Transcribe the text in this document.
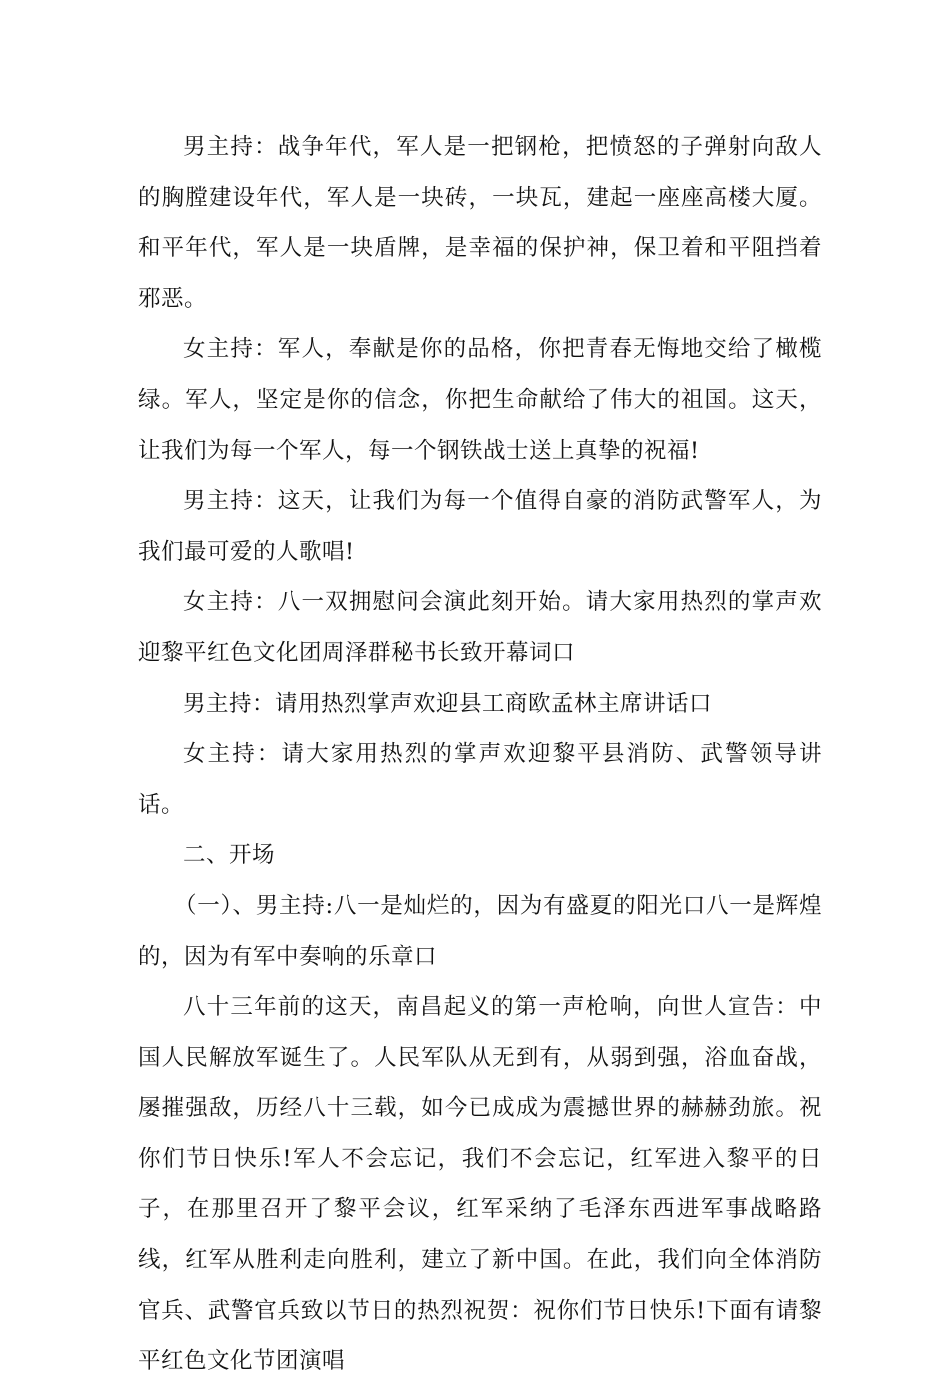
男主持：战争年代，军人是一把钢枪，把愤怒的子弹射向敌人的胸膛建设年代，军人是一块砖，一块瓦，建起一座座高楼大厦。和平年代，军人是一块盾牌，是幸福的保护神，保卫着和平阻挡着邪恶。

女主持：军人，奉献是你的品格，你把青春无悔地交给了橄榄绿。军人，坚定是你的信念，你把生命献给了伟大的祖国。这天，让我们为每一个军人，每一个钢铁战士送上真挚的祝福!

男主持：这天，让我们为每一个值得自豪的消防武警军人，为我们最可爱的人歌唱!

女主持：八一双拥慰问会演此刻开始。请大家用热烈的掌声欢迎黎平红色文化团周泽群秘书长致开幕词口

男主持：请用热烈掌声欢迎县工商欧孟林主席讲话口

女主持：请大家用热烈的掌声欢迎黎平县消防、武警领导讲话。

二、开场

（一）、男主持:八一是灿烂的，因为有盛夏的阳光口八一是辉煌的，因为有军中奏响的乐章口

八十三年前的这天，南昌起义的第一声枪响，向世人宣告：中国人民解放军诞生了。人民军队从无到有，从弱到强，浴血奋战，屡摧强敌，历经八十三载，如今已成成为震撼世界的赫赫劲旅。祝你们节日快乐!军人不会忘记，我们不会忘记，红军进入黎平的日子，在那里召开了黎平会议，红军采纳了毛泽东西进军事战略路线，红军从胜利走向胜利，建立了新中国。在此，我们向全体消防官兵、武警官兵致以节日的热烈祝贺：祝你们节日快乐!下面有请黎平红色文化节团演唱
